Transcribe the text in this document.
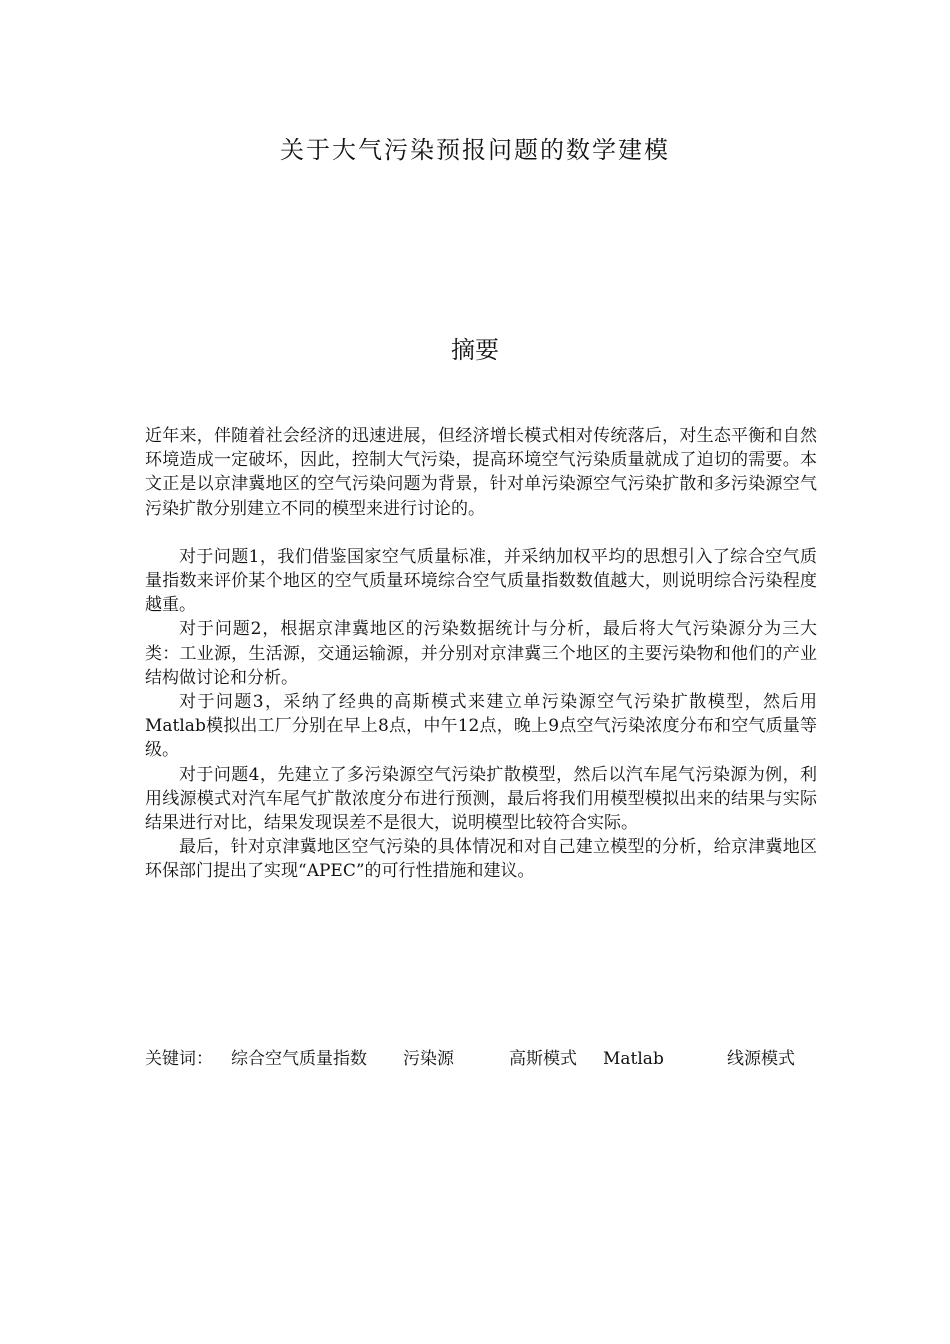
关于大气污染预报问题的数学建模
摘要

近年来，伴随着社会经济的迅速进展，但经济增长模式相对传统落后，对生态平衡和自然环境造成一定破坏，因此，控制大气污染，提高环境空气污染质量就成了迫切的需要。本文正是以京津冀地区的空气污染问题为背景，针对单污染源空气污染扩散和多污染源空气污染扩散分别建立不同的模型来进行讨论的。

对于问题1，我们借鉴国家空气质量标准，并采纳加权平均的思想引入了综合空气质量指数来评价某个地区的空气质量环境综合空气质量指数数值越大，则说明综合污染程度越重。

对于问题2，根据京津冀地区的污染数据统计与分析，最后将大气污染源分为三大类：工业源，生活源，交通运输源，并分别对京津冀三个地区的主要污染物和他们的产业结构做讨论和分析。

对于问题3，采纳了经典的高斯模式来建立单污染源空气污染扩散模型，然后用Matlab模拟出工厂分别在早上8点，中午12点，晚上9点空气污染浓度分布和空气质量等级。

对于问题4，先建立了多污染源空气污染扩散模型，然后以汽车尾气污染源为例，利用线源模式对汽车尾气扩散浓度分布进行预测，最后将我们用模型模拟出来的结果与实际结果进行对比，结果发现误差不是很大，说明模型比较符合实际。

最后，针对京津冀地区空气污染的具体情况和对自己建立模型的分析，给京津冀地区环保部门提出了实现“APEC”的可行性措施和建议。

关键词： 综合空气质量指数 污染源	高斯模式 Matlab	线源模式
